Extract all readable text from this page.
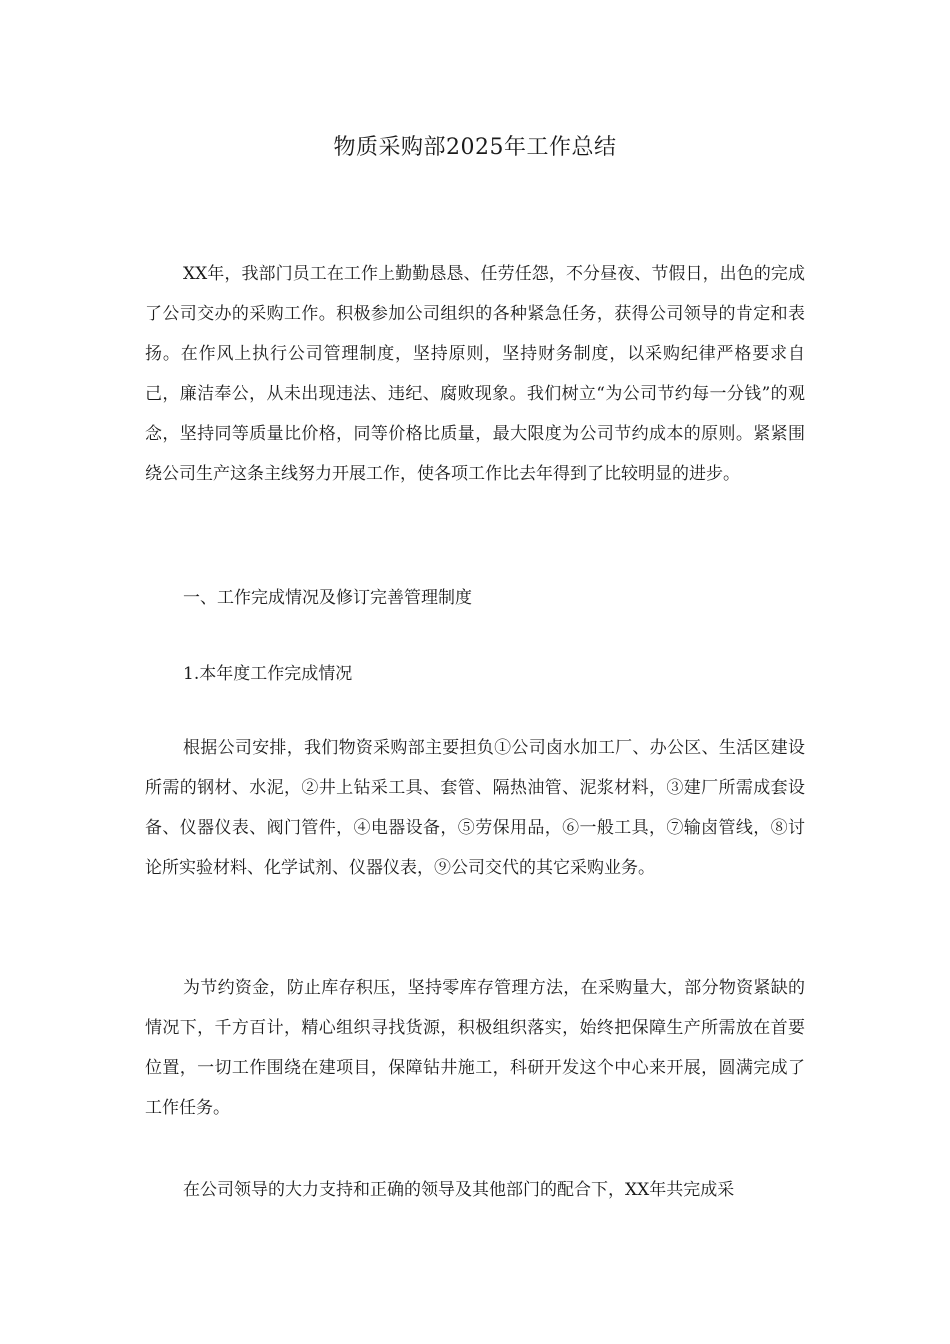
物质采购部2025年工作总结

XX年，我部门员工在工作上勤勤恳恳、任劳任怨，不分昼夜、节假日，出色的完成了公司交办的采购工作。积极参加公司组织的各种紧急任务，获得公司领导的肯定和表扬。在作风上执行公司管理制度，坚持原则，坚持财务制度，以采购纪律严格要求自己，廉洁奉公，从未出现违法、违纪、腐败现象。我们树立“为公司节约每一分钱”的观念，坚持同等质量比价格，同等价格比质量，最大限度为公司节约成本的原则。紧紧围绕公司生产这条主线努力开展工作，使各项工作比去年得到了比较明显的进步。

一、工作完成情况及修订完善管理制度

1.本年度工作完成情况

根据公司安排，我们物资采购部主要担负①公司卤水加工厂、办公区、生活区建设所需的钢材、水泥，②井上钻采工具、套管、隔热油管、泥浆材料，③建厂所需成套设备、仪器仪表、阀门管件，④电器设备，⑤劳保用品，⑥一般工具，⑦输卤管线，⑧讨论所实验材料、化学试剂、仪器仪表，⑨公司交代的其它采购业务。

为节约资金，防止库存积压，坚持零库存管理方法，在采购量大，部分物资紧缺的情况下，千方百计，精心组织寻找货源，积极组织落实，始终把保障生产所需放在首要位置，一切工作围绕在建项目，保障钻井施工，科研开发这个中心来开展，圆满完成了工作任务。

在公司领导的大力支持和正确的领导及其他部门的配合下，XX年共完成采
